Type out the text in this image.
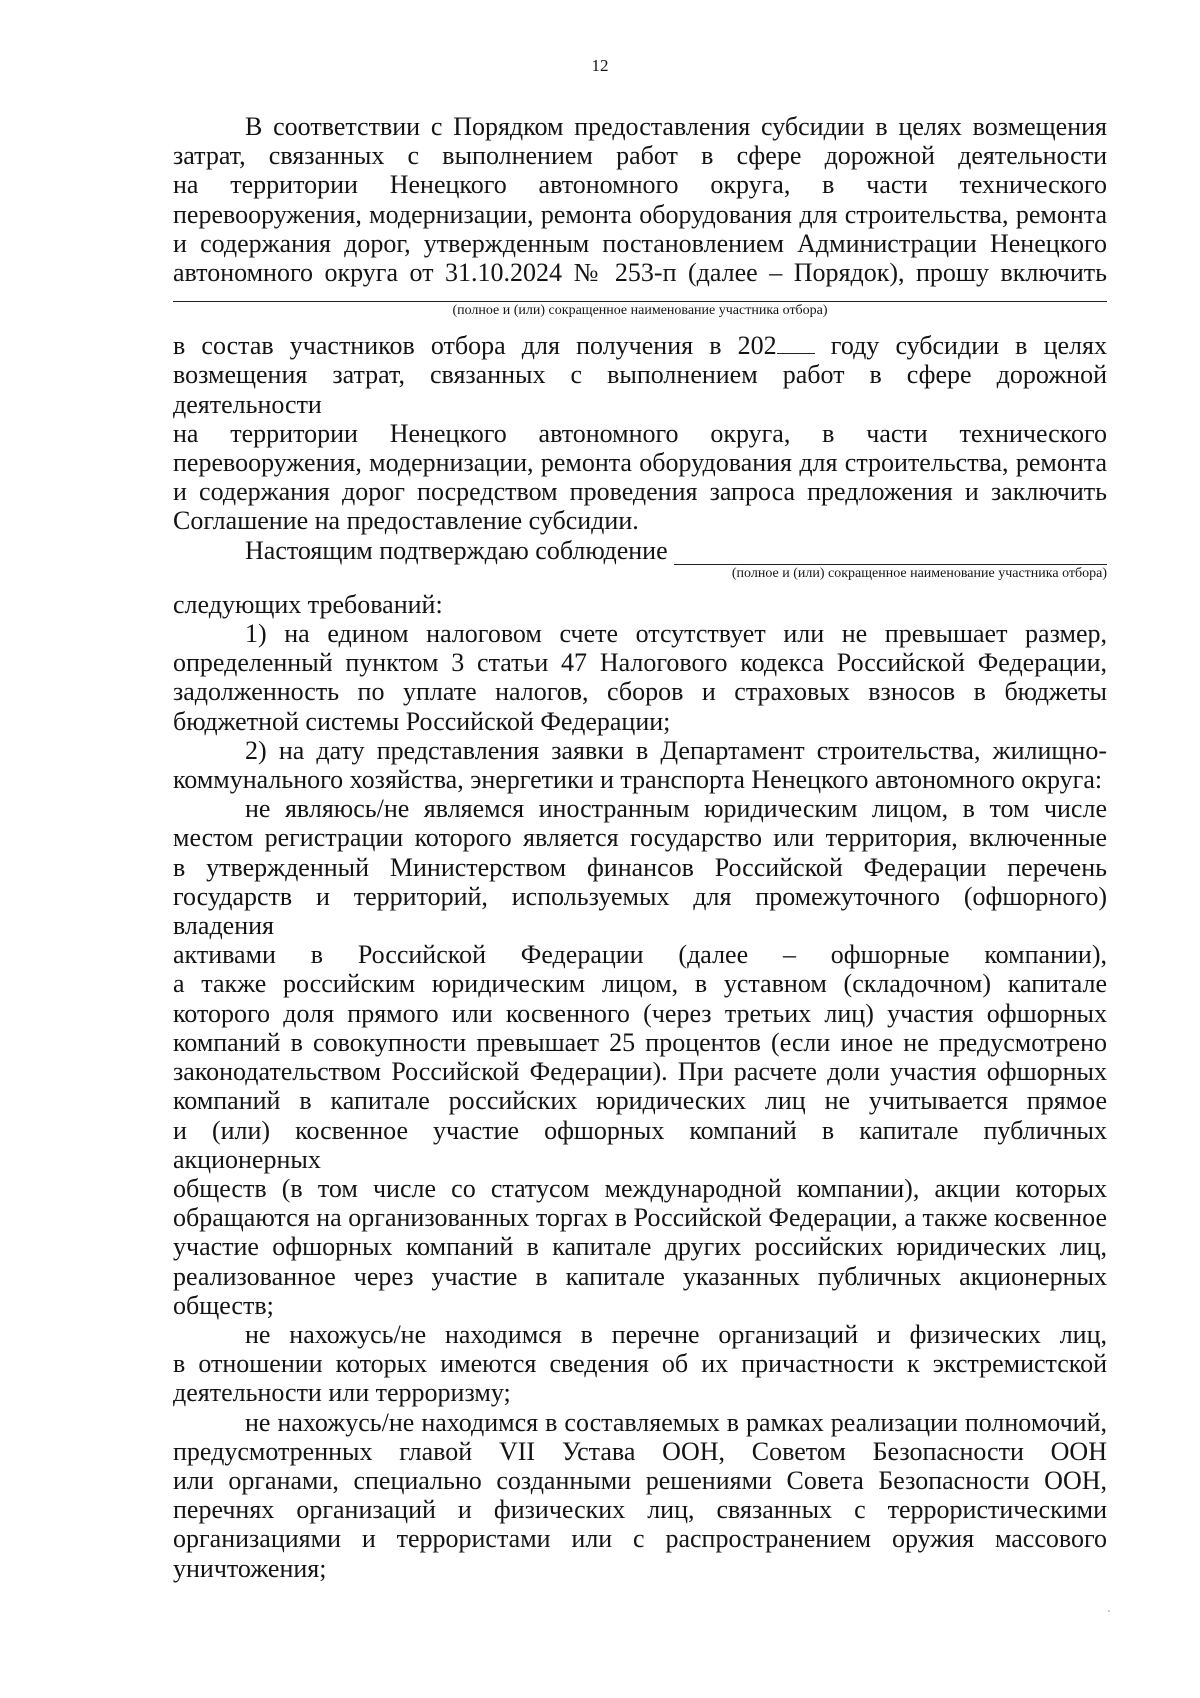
12

В соответствии с Порядком предоставления субсидии в целях возмещения

затрат, связанных с выполнением работ в сфере дорожной деятельности

на территории Ненецкого автономного округа, в части технического

перевооружения, модернизации, ремонта оборудования для строительства, ремонта

и содержания дорог, утвержденным постановлением Администрации Ненецкого

автономного округа от 31.10.2024 № 253-п (далее – Порядок), прошу включить

(полное и (или) сокращенное наименование участника отбора)

в состав участников отбора для получения в 202 году субсидии в целях

возмещения затрат, связанных с выполнением работ в сфере дорожной деятельности

на территории Ненецкого автономного округа, в части технического

перевооружения, модернизации, ремонта оборудования для строительства, ремонта

и содержания дорог посредством проведения запроса предложения и заключить

Соглашение на предоставление субсидии.

Настоящим подтверждаю соблюдение
(полное и (или) сокращенное наименование участника отбора)

следующих требований:

1) на едином налоговом счете отсутствует или не превышает размер,

определенный пунктом 3 статьи 47 Налогового кодекса Российской Федерации,

задолженность по уплате налогов, сборов и страховых взносов в бюджеты

бюджетной системы Российской Федерации;

2) на дату представления заявки в Департамент строительства, жилищно-

коммунального хозяйства, энергетики и транспорта Ненецкого автономного округа:

не являюсь/не являемся иностранным юридическим лицом, в том числе

местом регистрации которого является государство или территория, включенные

в утвержденный Министерством финансов Российской Федерации перечень

государств и территорий, используемых для промежуточного (офшорного) владения

активами в Российской Федерации (далее – офшорные компании),

а также российским юридическим лицом, в уставном (складочном) капитале

которого доля прямого или косвенного (через третьих лиц) участия офшорных

компаний в совокупности превышает 25 процентов (если иное не предусмотрено

законодательством Российской Федерации). При расчете доли участия офшорных

компаний в капитале российских юридических лиц не учитывается прямое

и (или) косвенное участие офшорных компаний в капитале публичных акционерных

обществ (в том числе со статусом международной компании), акции которых

обращаются на организованных торгах в Российской Федерации, а также косвенное

участие офшорных компаний в капитале других российских юридических лиц,

реализованное через участие в капитале указанных публичных акционерных

обществ;

не нахожусь/не находимся в перечне организаций и физических лиц,

в отношении которых имеются сведения об их причастности к экстремистской

деятельности или терроризму;

не нахожусь/не находимся в составляемых в рамках реализации полномочий,

предусмотренных главой VII Устава ООН, Советом Безопасности ООН

или органами, специально созданными решениями Совета Безопасности ООН,

перечнях организаций и физических лиц, связанных с террористическими

организациями и террористами или с распространением оружия массового

уничтожения;
